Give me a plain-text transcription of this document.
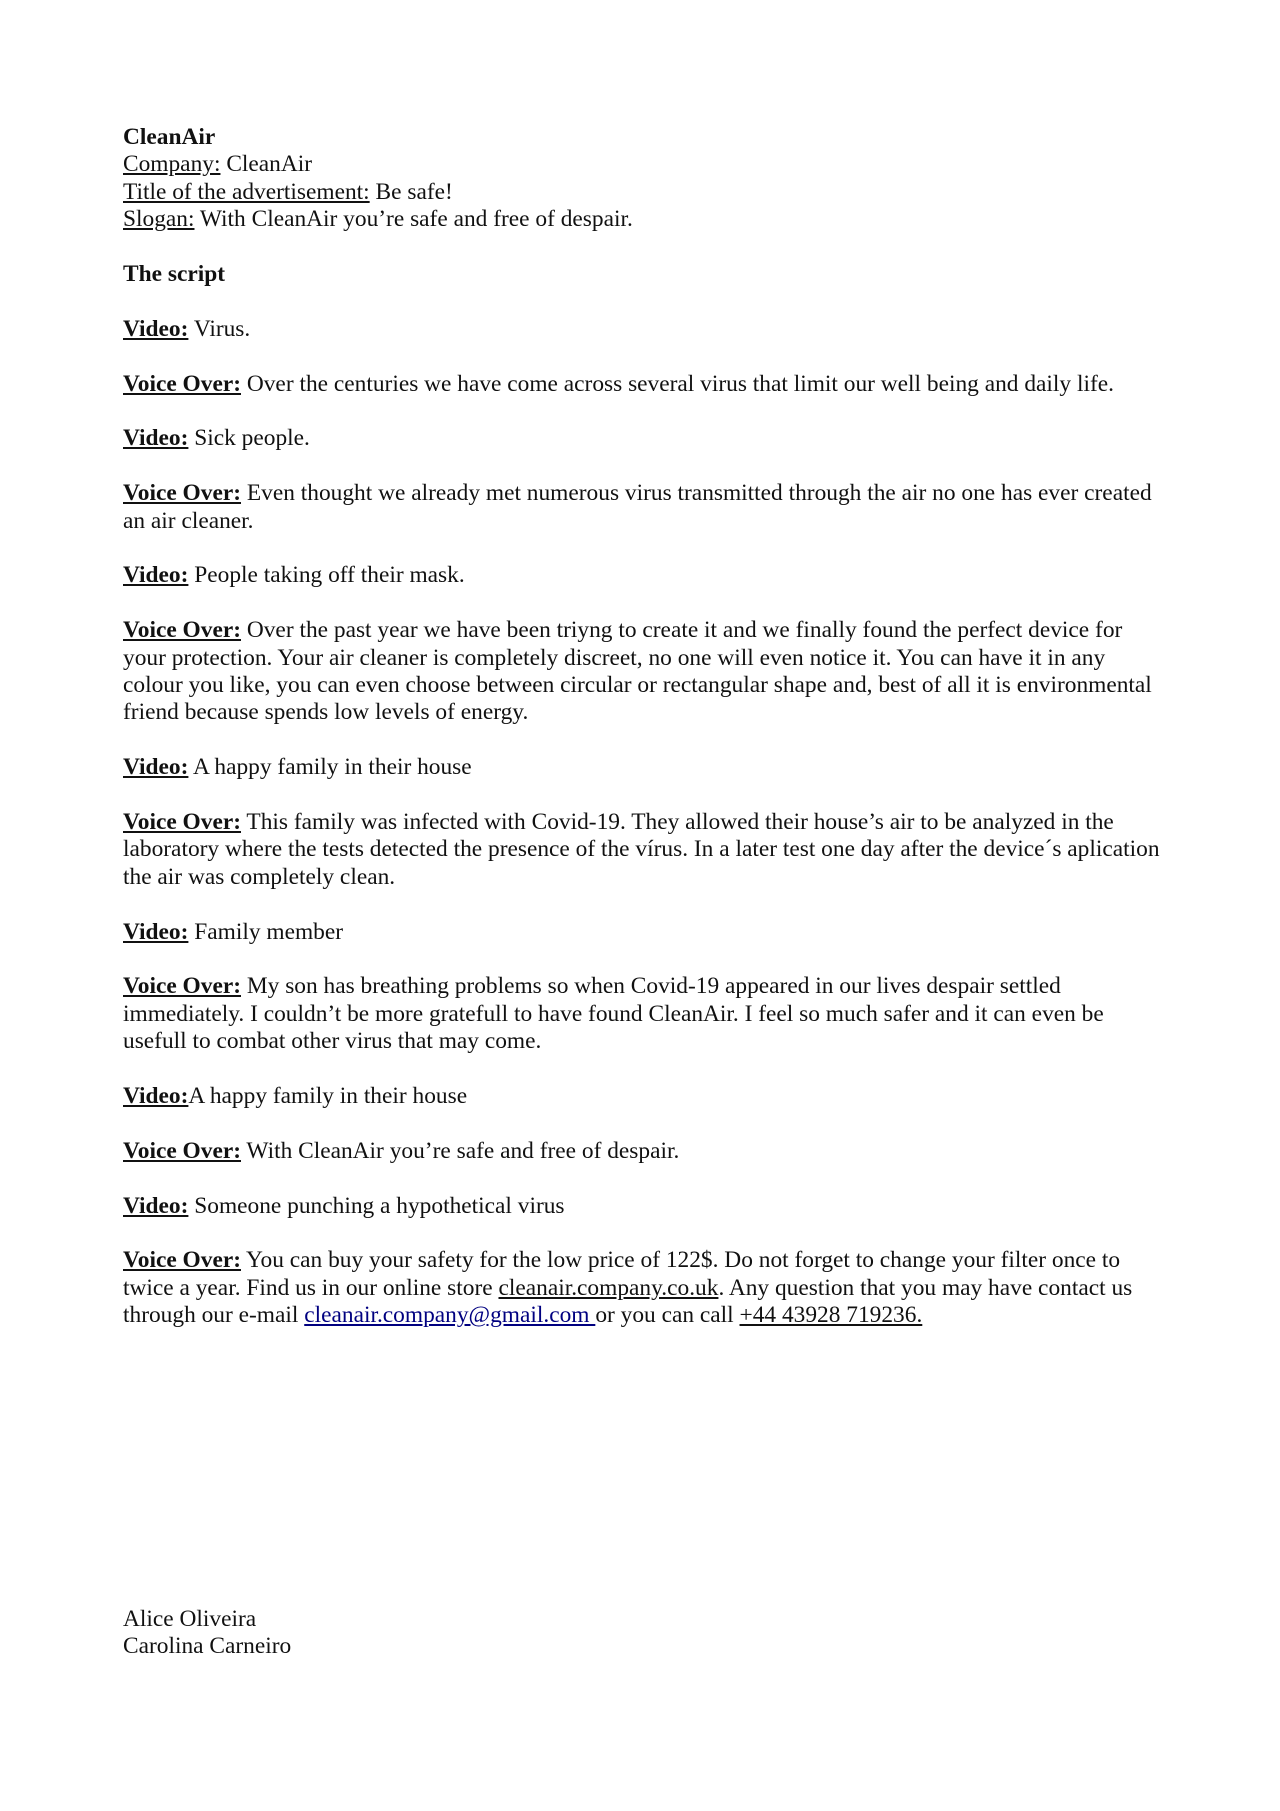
CleanAir

Company: CleanAir

Title of the advertisement: Be safe!

Slogan: With CleanAir you’re safe and free of despair.

The script

Video: Virus.

Voice Over: Over the centuries we have come across several virus that limit our well being and daily life.

Video: Sick people.

Voice Over: Even thought we already met numerous virus transmitted through the air no one has ever created an air cleaner.

Video: People taking off their mask.

Voice Over: Over the past year we have been triyng to create it and we finally found the perfect device for your protection. Your air cleaner is completely discreet, no one will even notice it. You can have it in any colour you like, you can even choose between circular or rectangular shape and, best of all it is environmental friend because spends low levels of energy.

Video: A happy family in their house

Voice Over: This family was infected with Covid-19. They allowed their house’s air to be analyzed in the laboratory where the tests detected the presence of the vírus. In a later test one day after the device´s aplication the air was completely clean.

Video: Family member

Voice Over: My son has breathing problems so when Covid-19 appeared in our lives despair settled immediately. I couldn’t be more gratefull to have found CleanAir. I feel so much safer and it can even be usefull to combat other virus that may come.

Video:A happy family in their house

Voice Over: With CleanAir you’re safe and free of despair.

Video: Someone punching a hypothetical virus

Voice Over: You can buy your safety for the low price of 122$. Do not forget to change your filter once to twice a year. Find us in our online store cleanair.company.co.uk. Any question that you may have contact us through our e-mail cleanair.company@gmail.com or you can call +44 43928 719236.

Alice Oliveira

Carolina Carneiro
